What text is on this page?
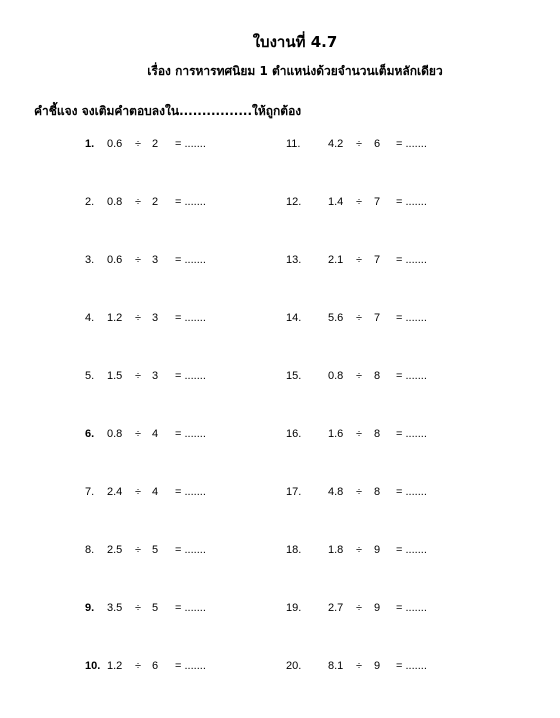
ใบงานที่ 4.7
เรื่อง การหารทศนิยม 1 ตำแหน่งด้วยจำนวนเต็มหลักเดียว
คำชี้แจง จงเติมคำตอบลงใน................ให้ถูกต้อง
1. 0.6 ÷ 2 = .......
2. 0.8 ÷ 2 = .......
3. 0.6 ÷ 3 = .......
4. 1.2 ÷ 3 = .......
5. 1.5 ÷ 3 = .......
6. 0.8 ÷ 4 = .......
7. 2.4 ÷ 4 = .......
8. 2.5 ÷ 5 = .......
9. 3.5 ÷ 5 = .......
10. 1.2 ÷ 6 = .......
11.	4.2 ÷ 6 = .......
12. 1.4 ÷ 7 = .......
13. 2.1 ÷ 7 = .......
14. 5.6 ÷ 7 = .......
15. 0.8 ÷ 8 = .......
16. 1.6 ÷ 8 = .......
17. 4.8 ÷ 8 = .......
18. 1.8 ÷ 9 = .......
19. 2.7 ÷ 9 = .......
20. 8.1 ÷ 9 = .......
